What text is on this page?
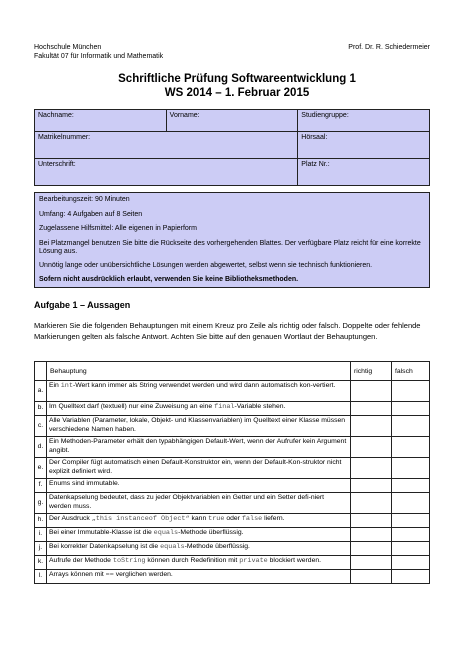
Hochschule München
Fakultät 07 für Informatik und Mathematik
Prof. Dr. R. Schiedermeier
Schriftliche Prüfung Softwareentwicklung 1
WS 2014 – 1. Februar 2015
Nachname:	Vorname:	Studiengruppe:
Matrikelnummer:		Hörsaal:
Unterschrift:		Platz Nr.:
Bearbeitungszeit: 90 Minuten
Umfang: 4 Aufgaben auf 8 Seiten
Zugelassene Hilfsmittel: Alle eigenen in Papierform
Bei Platzmangel benutzen Sie bitte die Rückseite des vorhergehenden Blattes. Der verfügbare Platz reicht für eine korrekte Lösung aus.
Unnötig lange oder unübersichtliche Lösungen werden abgewertet, selbst wenn sie technisch funktionieren.
Sofern nicht ausdrücklich erlaubt, verwenden Sie keine Bibliotheksmethoden.
Aufgabe 1 – Aussagen
Markieren Sie die folgenden Behauptungen mit einem Kreuz pro Zeile als richtig oder falsch. Doppelte oder fehlende Markierungen gelten als falsche Antwort. Achten Sie bitte auf den genauen Wortlaut der Behauptungen.
	Behauptung	richtig	falsch
a.	Ein int-Wert kann immer als String verwendet werden und wird dann automatisch kon-vertiert.		
b.	Im Quelltext darf (textuell) nur eine Zuweisung an eine final-Variable stehen.		
c.	Alle Variablen (Parameter, lokale, Objekt- und Klassenvariablen) im Quelltext einer Klasse müssen verschiedene Namen haben.		
d.	Ein Methoden-Parameter erhält den typabhängigen Default-Wert, wenn der Aufrufer kein Argument angibt.		
e.	Der Compiler fügt automatisch einen Default-Konstruktor ein, wenn der Default-Kon-struktor nicht explizit definiert wird.		
f.	Enums sind immutable.		
g.	Datenkapselung bedeutet, dass zu jeder Objektvariablen ein Getter und ein Setter defi-niert werden muss.		
h.	Der Ausdruck „this instanceof Object“ kann true oder false liefern.		
i.	Bei einer Immutable-Klasse ist die equals-Methode überflüssig.		
j.	Bei korrekter Datenkapselung ist die equals-Methode überflüssig.		
k.	Aufrufe der Methode toString können durch Redefinition mit private blockiert werden.		
l.	Arrays können mit == verglichen werden.		
